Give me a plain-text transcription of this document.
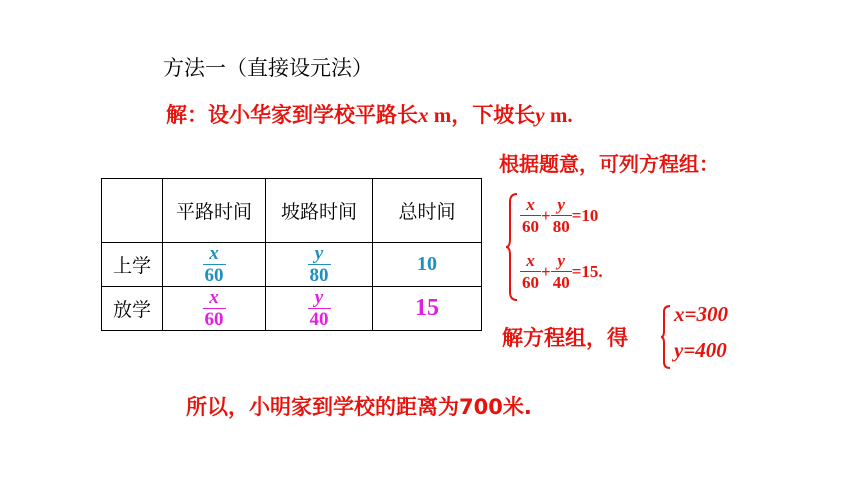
方法一（直接设元法）
解：设小华家到学校平路长x m，下坡长y m.
根据题意，可列方程组：
	平路时间	坡路时间	总时间
上学	$\frac{x}{60}$	$\frac{y}{80}$	10
放学	$\frac{x}{60}$	$\frac{y}{40}$	15
$\frac{x}{60} + \frac{y}{80} =10$
$\frac{x}{60} + \frac{y}{40} =15$.
解方程组，得
x=300
y=400
所以，小明家到学校的距离为700米.
